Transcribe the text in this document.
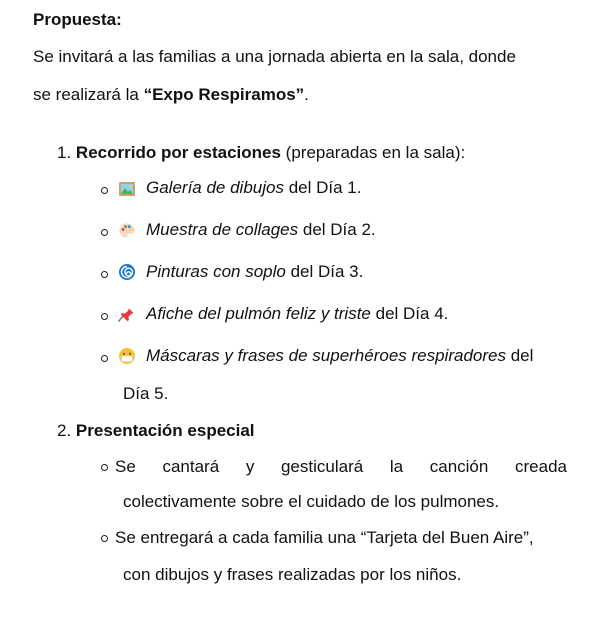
Propuesta:
Se invitará a las familias a una jornada abierta en la sala, donde
se realizará la “Expo Respiramos”.
1. Recorrido por estaciones (preparadas en la sala):
Galería de dibujos del Día 1.
Muestra de collages del Día 2.
Pinturas con soplo del Día 3.
Afiche del pulmón feliz y triste del Día 4.
Máscaras y frases de superhéroes respiradores del
Día 5.
2. Presentación especial
Se cantará y gesticulará la canción creada
colectivamente sobre el cuidado de los pulmones.
Se entregará a cada familia una “Tarjeta del Buen Aire”,
con dibujos y frases realizadas por los niños.
